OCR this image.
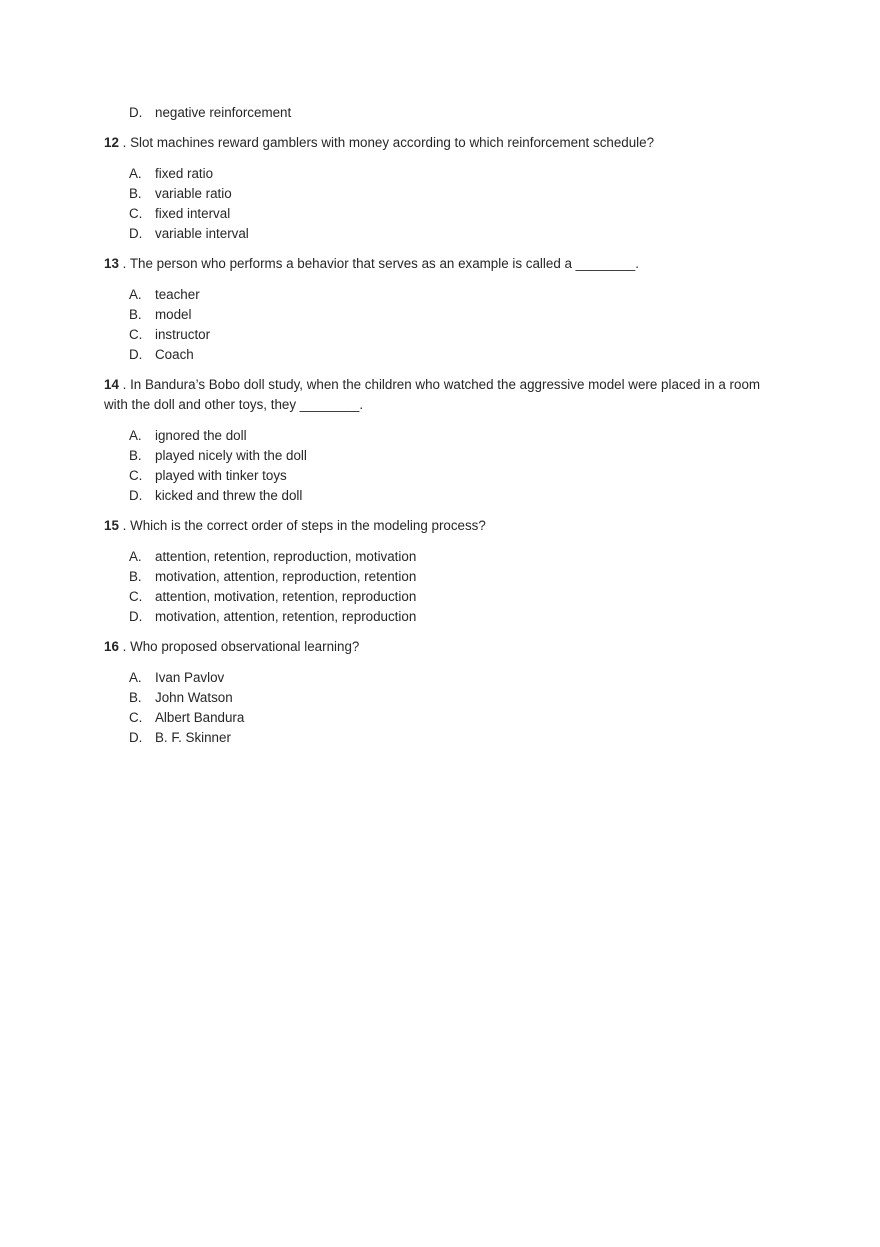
D. negative reinforcement
12 . Slot machines reward gamblers with money according to which reinforcement schedule?
A. fixed ratio
B. variable ratio
C. fixed interval
D. variable interval
13 . The person who performs a behavior that serves as an example is called a ________.
A. teacher
B. model
C. instructor
D. Coach
14 . In Bandura’s Bobo doll study, when the children who watched the aggressive model were placed in a room with the doll and other toys, they ________.
A. ignored the doll
B. played nicely with the doll
C. played with tinker toys
D. kicked and threw the doll
15 . Which is the correct order of steps in the modeling process?
A. attention, retention, reproduction, motivation
B. motivation, attention, reproduction, retention
C. attention, motivation, retention, reproduction
D. motivation, attention, retention, reproduction
16 . Who proposed observational learning?
A. Ivan Pavlov
B. John Watson
C. Albert Bandura
D. B. F. Skinner
